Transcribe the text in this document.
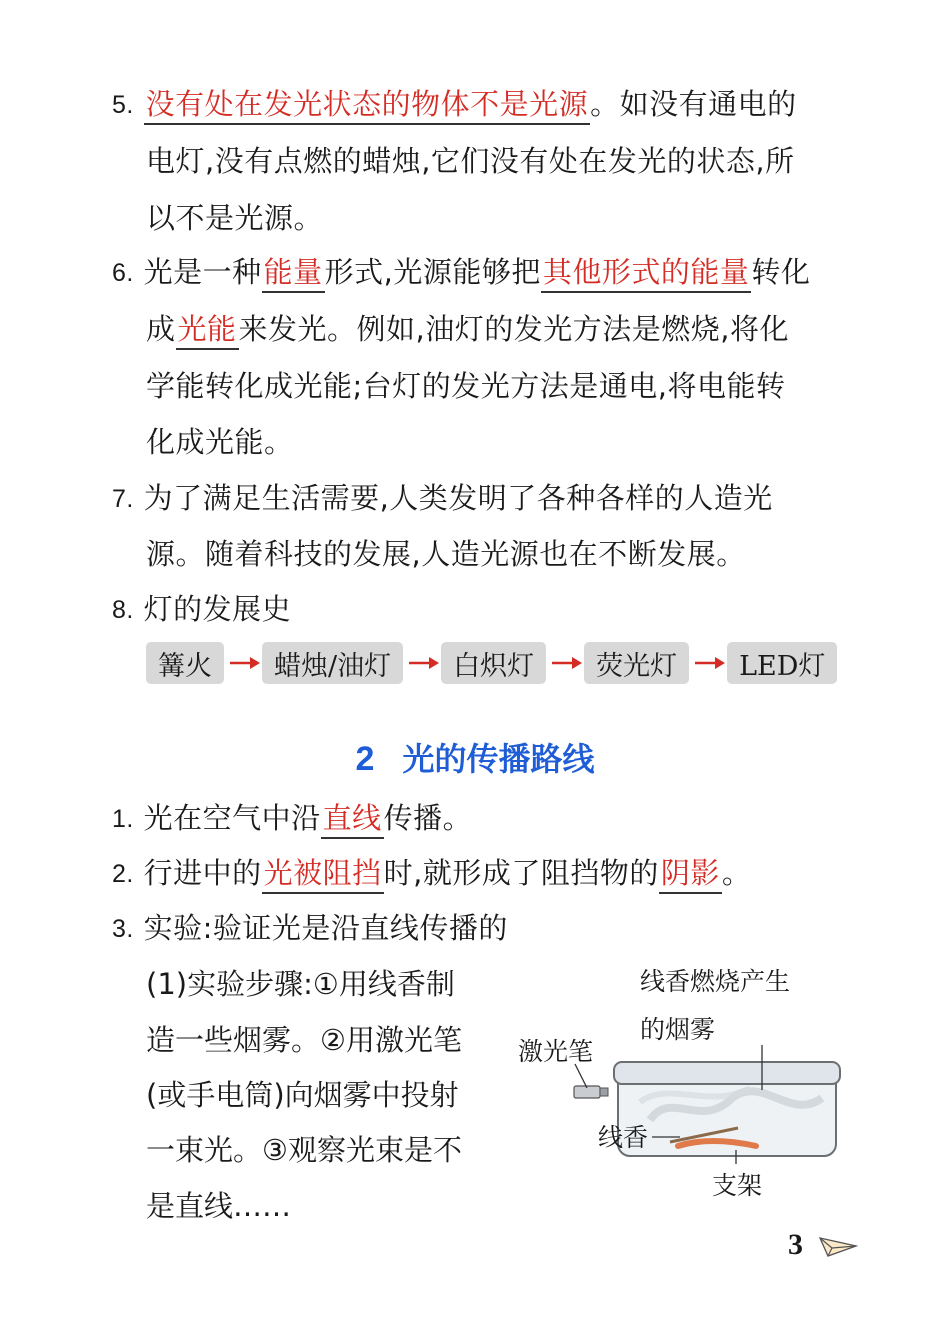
5. 没有处在发光状态的物体不是光源。如没有通电的
电灯,没有点燃的蜡烛,它们没有处在发光的状态,所
以不是光源。
6. 光是一种能量形式,光源能够把其他形式的能量转化
成光能来发光。例如,油灯的发光方法是燃烧,将化
学能转化成光能;台灯的发光方法是通电,将电能转
化成光能。
7. 为了满足生活需要,人类发明了各种各样的人造光
源。随着科技的发展,人造光源也在不断发展。
8. 灯的发展史
篝火	蜡烛/油灯	白炽灯	荧光灯	LED灯
2 光的传播路线
1. 光在空气中沿直线传播。
2. 行进中的光被阻挡时,就形成了阻挡物的阴影。
3. 实验:验证光是沿直线传播的
(1)实验步骤:①用线香制
造一些烟雾。②用激光笔
(或手电筒)向烟雾中投射
一束光。③观察光束是不
是直线……
线香燃烧产生
的烟雾
激光笔
线香
支架
3
